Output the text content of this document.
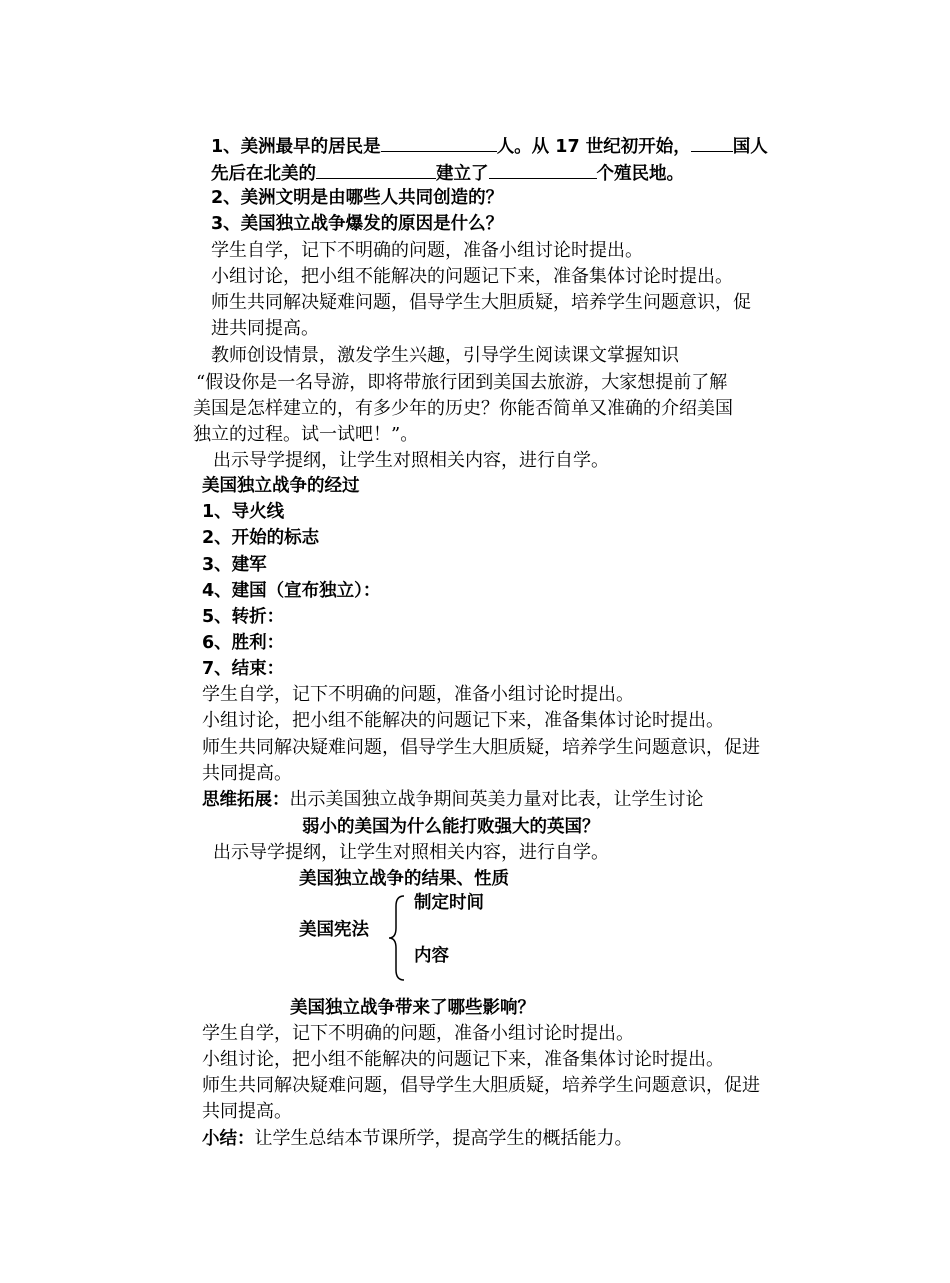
1、美洲最早的居民是	人。从 17 世纪初开始， 国人
先后在北美的	建立了	个殖民地。
2、美洲文明是由哪些人共同创造的？
3、美国独立战争爆发的原因是什么？
学生自学，记下不明确的问题，准备小组讨论时提出。
小组讨论，把小组不能解决的问题记下来，准备集体讨论时提出。
师生共同解决疑难问题，倡导学生大胆质疑，培养学生问题意识，促
进共同提高。
教师创设情景，激发学生兴趣，引导学生阅读课文掌握知识
“假设你是一名导游，即将带旅行团到美国去旅游，大家想提前了解
美国是怎样建立的，有多少年的历史？你能否简单又准确的介绍美国
独立的过程。试一试吧！”。
出示导学提纲，让学生对照相关内容，进行自学。
美国独立战争的经过
1、导火线
2、开始的标志
3、建军
4、建国（宣布独立）：
5、转折：
6、胜利：
7、结束：
学生自学，记下不明确的问题，准备小组讨论时提出。
小组讨论，把小组不能解决的问题记下来，准备集体讨论时提出。
师生共同解决疑难问题，倡导学生大胆质疑，培养学生问题意识，促进
共同提高。
思维拓展：出示美国独立战争期间英美力量对比表，让学生讨论
弱小的美国为什么能打败强大的英国？
出示导学提纲，让学生对照相关内容，进行自学。
美国独立战争的结果、性质
美国宪法
制定时间
内容
美国独立战争带来了哪些影响？
学生自学，记下不明确的问题，准备小组讨论时提出。
小组讨论，把小组不能解决的问题记下来，准备集体讨论时提出。
师生共同解决疑难问题，倡导学生大胆质疑，培养学生问题意识，促进
共同提高。
小结：让学生总结本节课所学，提高学生的概括能力。
